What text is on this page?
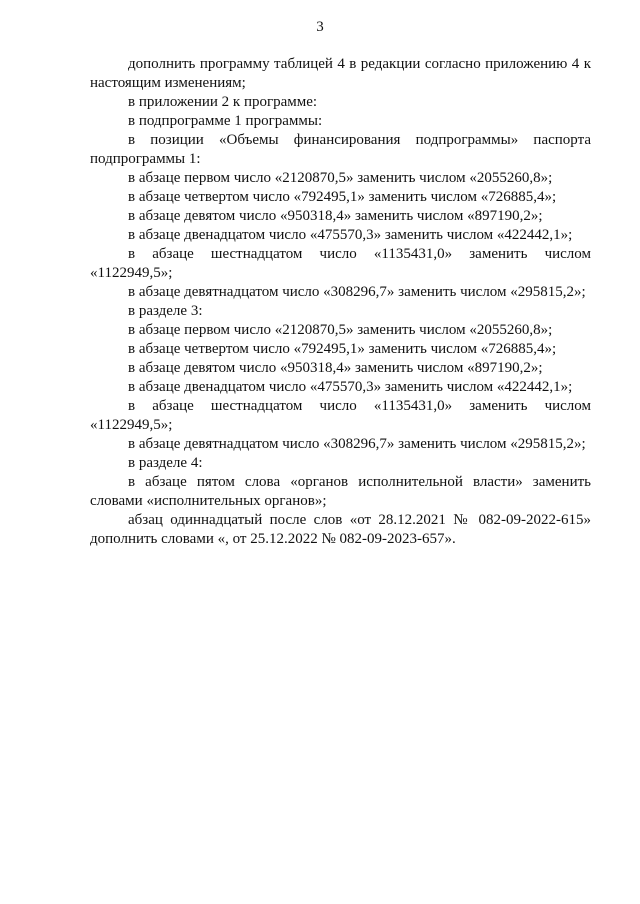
3

дополнить программу таблицей 4 в редакции согласно приложению 4 к настоящим изменениям;

в приложении 2 к программе:

в подпрограмме 1 программы:

в позиции «Объемы финансирования подпрограммы» паспорта подпрограммы 1:

в абзаце первом число «2120870,5» заменить числом «2055260,8»;

в абзаце четвертом число «792495,1» заменить числом «726885,4»;

в абзаце девятом число «950318,4» заменить числом «897190,2»;

в абзаце двенадцатом число «475570,3» заменить числом «422442,1»;

в абзаце шестнадцатом число «1135431,0» заменить числом «1122949,5»;

в абзаце девятнадцатом число «308296,7» заменить числом «295815,2»;

в разделе 3:

в абзаце первом число «2120870,5» заменить числом «2055260,8»;

в абзаце четвертом число «792495,1» заменить числом «726885,4»;

в абзаце девятом число «950318,4» заменить числом «897190,2»;

в абзаце двенадцатом число «475570,3» заменить числом «422442,1»;

в абзаце шестнадцатом число «1135431,0» заменить числом «1122949,5»;

в абзаце девятнадцатом число «308296,7» заменить числом «295815,2»;

в разделе 4:

в абзаце пятом слова «органов исполнительной власти» заменить словами «исполнительных органов»;

абзац одиннадцатый после слов «от 28.12.2021 № 082-09-2022-615» дополнить словами «, от 25.12.2022 № 082-09-2023-657».
